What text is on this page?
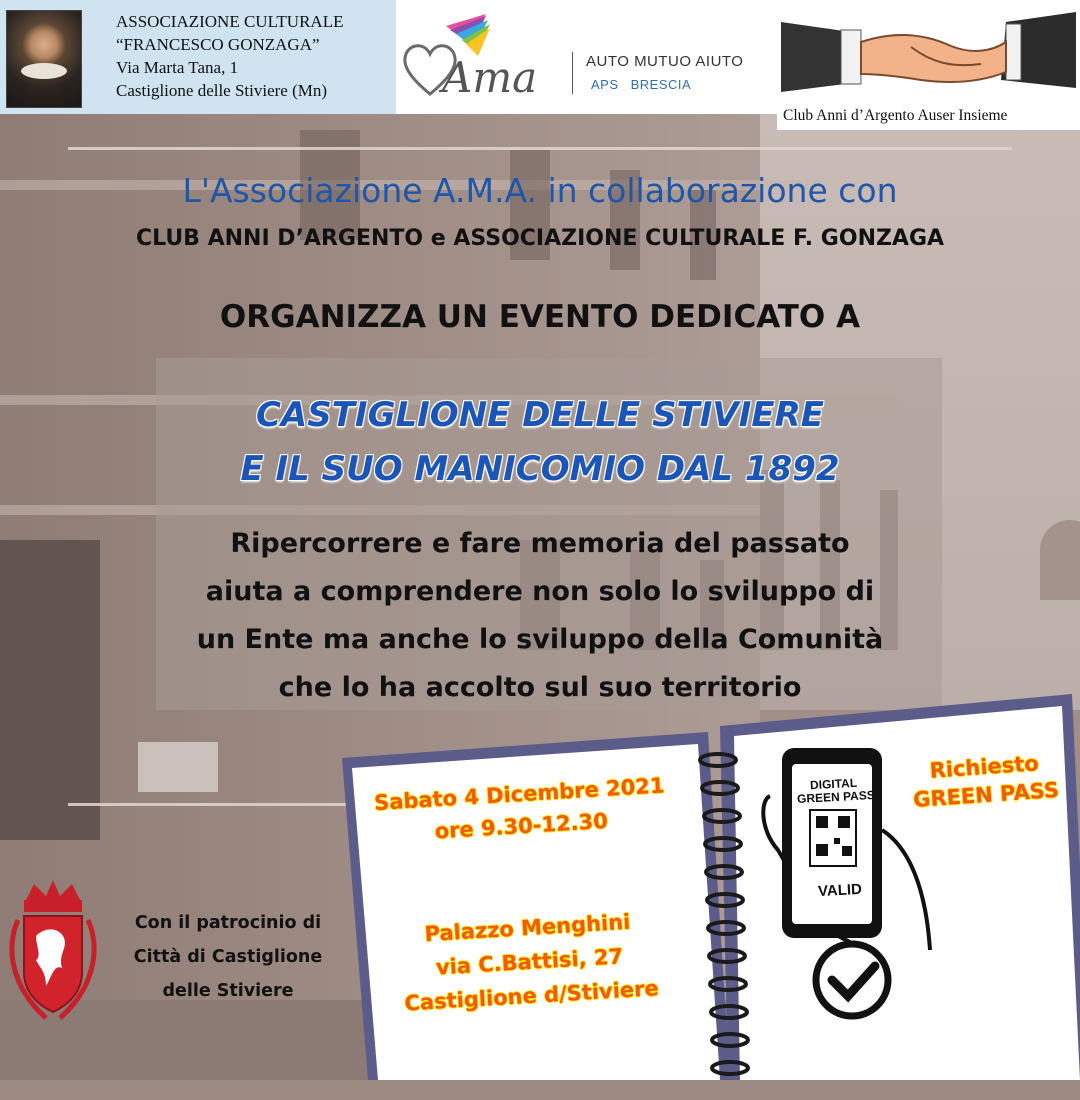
ASSOCIAZIONE CULTURALE
“FRANCESCO GONZAGA”
Via Marta Tana, 1
Castiglione delle Stiviere (Mn)	Ama	AUTO MUTUO AIUTO
APS BRESCIA
Club Anni d’Argento Auser Insieme
L'Associazione A.M.A. in collaborazione con
CLUB ANNI D’ARGENTO e ASSOCIAZIONE CULTURALE F. GONZAGA
ORGANIZZA UN EVENTO DEDICATO A
CASTIGLIONE DELLE STIVIERE
E IL SUO MANICOMIO DAL 1892
Ripercorrere e fare memoria del passato
aiuta a comprendere non solo lo sviluppo di
un Ente ma anche lo sviluppo della Comunità
che lo ha accolto sul suo territorio
Con il patrocinio di
Città di Castiglione
delle Stiviere
DIGITAL
GREEN PASS
VALID
Sabato 4 Dicembre 2021
ore 9.30-12.30
Palazzo Menghini
via C.Battisi, 27
Castiglione d/Stiviere
Richiesto
GREEN PASS
